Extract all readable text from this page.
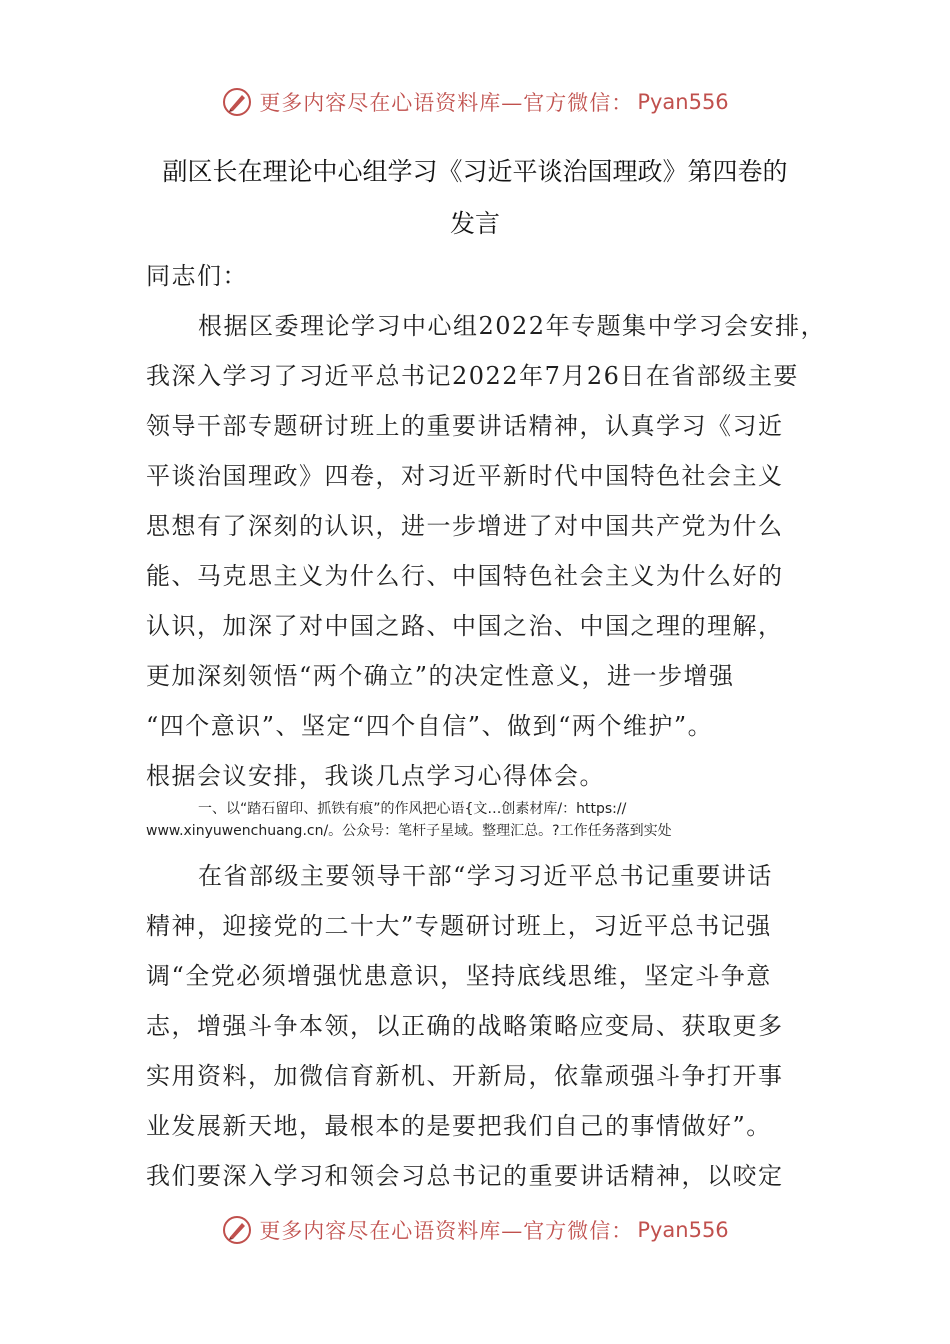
更多内容尽在心语资料库—官方微信： Pyan556
副区长在理论中心组学习《习近平谈治国理政》第四卷的
发言
同志们：
根据区委理论学习中心组2022年专题集中学习会安排，
我深入学习了习近平总书记2022年7月26日在省部级主要
领导干部专题研讨班上的重要讲话精神，认真学习《习近
平谈治国理政》四卷，对习近平新时代中国特色社会主义
思想有了深刻的认识，进一步增进了对中国共产党为什么
能、马克思主义为什么行、中国特色社会主义为什么好的
认识，加深了对中国之路、中国之治、中国之理的理解，
更加深刻领悟“两个确立”的决定性意义，进一步增强
“四个意识”、坚定“四个自信”、做到“两个维护”。
根据会议安排，我谈几点学习心得体会。
一、以“踏石留印、抓铁有痕”的作风把心语{文…创素材库/：https://
www.xinyuwenchuang.cn/。公众号：笔杆子星域。整理汇总。?工作任务落到实处
在省部级主要领导干部“学习习近平总书记重要讲话
精神，迎接党的二十大”专题研讨班上，习近平总书记强
调“全党必须增强忧患意识，坚持底线思维，坚定斗争意
志，增强斗争本领，以正确的战略策略应变局、获取更多
实用资料，加微信育新机、开新局，依靠顽强斗争打开事
业发展新天地，最根本的是要把我们自己的事情做好”。
我们要深入学习和领会习总书记的重要讲话精神，以咬定
更多内容尽在心语资料库—官方微信： Pyan556
